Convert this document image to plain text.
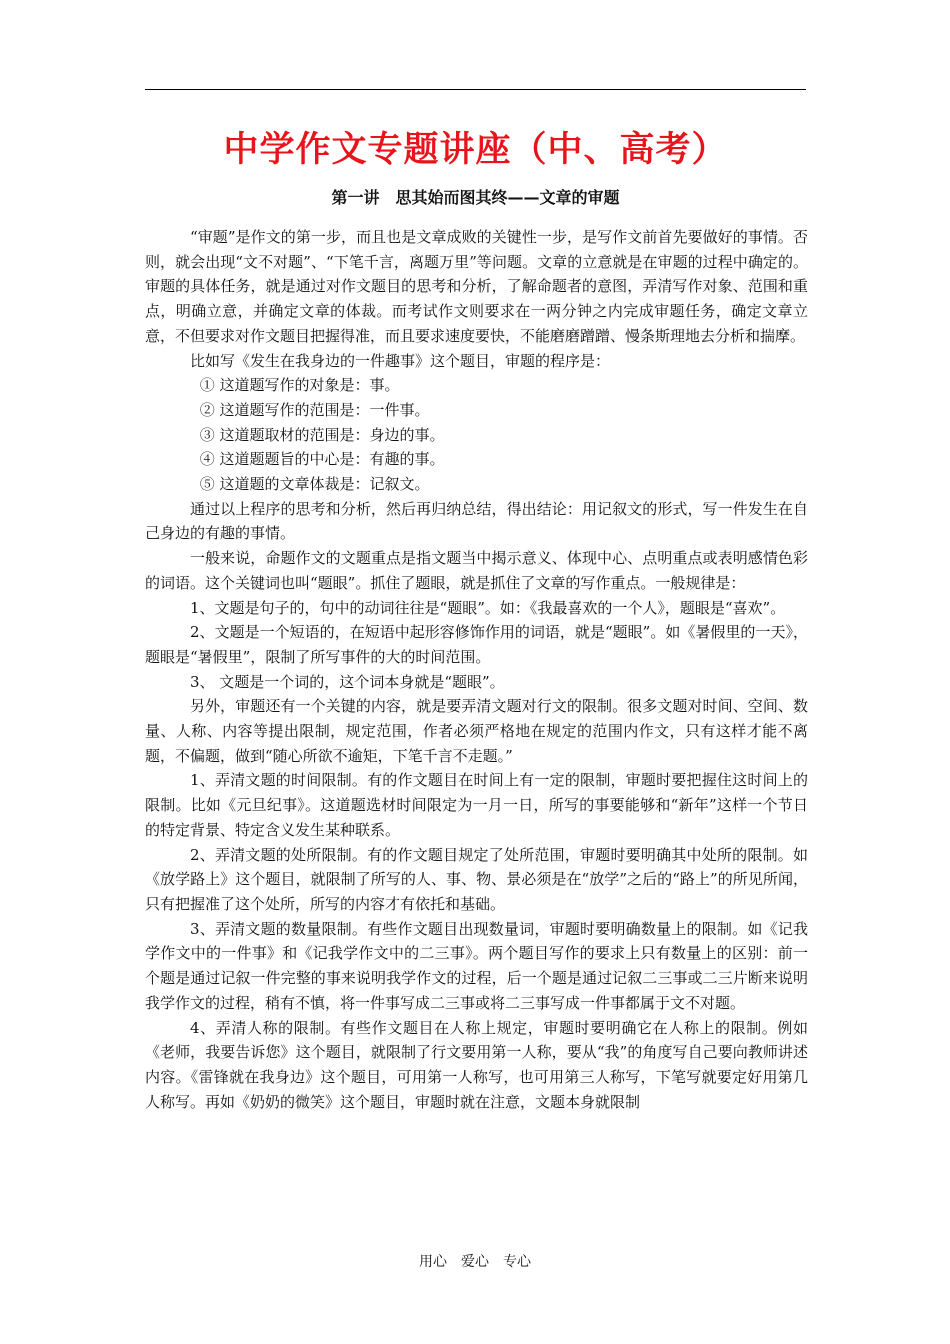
中学作文专题讲座（中、高考）
第一讲　思其始而图其终——文章的审题

“审题”是作文的第一步，而且也是文章成败的关键性一步，是写作文前首先要做好的事情。否则，就会出现“文不对题”、“下笔千言，离题万里”等问题。文章的立意就是在审题的过程中确定的。审题的具体任务，就是通过对作文题目的思考和分析，了解命题者的意图，弄清写作对象、范围和重点，明确立意，并确定文章的体裁。而考试作文则要求在一两分钟之内完成审题任务，确定文章立意，不但要求对作文题目把握得准，而且要求速度要快，不能磨磨蹭蹭、慢条斯理地去分析和揣摩。

比如写《发生在我身边的一件趣事》这个题目，审题的程序是：

① 这道题写作的对象是：事。

② 这道题写作的范围是：一件事。

③ 这道题取材的范围是：身边的事。

④ 这道题题旨的中心是：有趣的事。

⑤ 这道题的文章体裁是：记叙文。

通过以上程序的思考和分析，然后再归纳总结，得出结论：用记叙文的形式，写一件发生在自己身边的有趣的事情。

一般来说，命题作文的文题重点是指文题当中揭示意义、体现中心、点明重点或表明感情色彩的词语。这个关键词也叫“题眼”。抓住了题眼，就是抓住了文章的写作重点。一般规律是：

1、文题是句子的，句中的动词往往是“题眼”。如：《我最喜欢的一个人》，题眼是“喜欢”。

2、文题是一个短语的，在短语中起形容修饰作用的词语，就是“题眼”。如《暑假里的一天》，题眼是“暑假里”，限制了所写事件的大的时间范围。

3、 文题是一个词的，这个词本身就是“题眼”。

另外，审题还有一个关键的内容，就是要弄清文题对行文的限制。很多文题对时间、空间、数量、人称、内容等提出限制，规定范围，作者必须严格地在规定的范围内作文，只有这样才能不离题，不偏题，做到“随心所欲不逾矩，下笔千言不走题。”

1、弄清文题的时间限制。有的作文题目在时间上有一定的限制，审题时要把握住这时间上的限制。比如《元旦纪事》。这道题选材时间限定为一月一日，所写的事要能够和“新年”这样一个节日的特定背景、特定含义发生某种联系。

2、弄清文题的处所限制。有的作文题目规定了处所范围，审题时要明确其中处所的限制。如《放学路上》这个题目，就限制了所写的人、事、物、景必须是在“放学”之后的“路上”的所见所闻，只有把握准了这个处所，所写的内容才有依托和基础。

3、弄清文题的数量限制。有些作文题目出现数量词，审题时要明确数量上的限制。如《记我学作文中的一件事》和《记我学作文中的二三事》。两个题目写作的要求上只有数量上的区别：前一个题是通过记叙一件完整的事来说明我学作文的过程，后一个题是通过记叙二三事或二三片断来说明我学作文的过程，稍有不慎，将一件事写成二三事或将二三事写成一件事都属于文不对题。

4、弄清人称的限制。有些作文题目在人称上规定，审题时要明确它在人称上的限制。例如《老师，我要告诉您》这个题目，就限制了行文要用第一人称，要从“我”的角度写自己要向教师讲述内容。《雷锋就在我身边》这个题目，可用第一人称写，也可用第三人称写，下笔写就要定好用第几人称写。再如《奶奶的微笑》这个题目，审题时就在注意，文题本身就限制

用心　爱心　专心
